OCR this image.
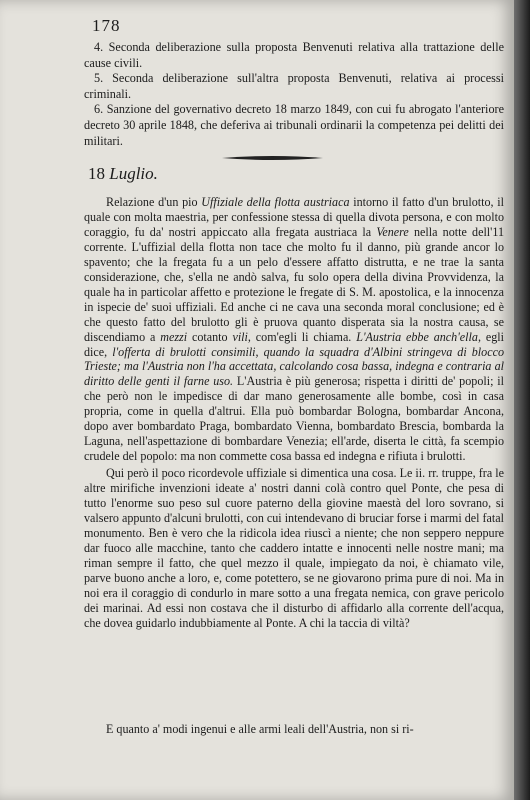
178

4. Seconda deliberazione sulla proposta Benvenuti relativa alla trattazione delle cause civili.

5. Seconda deliberazione sull'altra proposta Benvenuti, relativa ai processi criminali.

6. Sanzione del governativo decreto 18 marzo 1849, con cui fu abrogato l'anteriore decreto 30 aprile 1848, che deferiva ai tribunali ordinarii la competenza pei delitti dei militari.

18 Luglio.

Relazione d'un pio Uffiziale della flotta austriaca intorno il fatto d'un brulotto, il quale con molta maestria, per confessione stessa di quella divota persona, e con molto coraggio, fu da' nostri appiccato alla fregata austriaca la Venere nella notte dell'11 corrente. L'uffizial della flotta non tace che molto fu il danno, più grande ancor lo spavento; che la fregata fu a un pelo d'essere affatto distrutta, e ne trae la santa considerazione, che, s'ella ne andò salva, fu solo opera della divina Provvidenza, la quale ha in particolar affetto e protezione le fregate di S. M. apostolica, e la innocenza in ispecie de' suoi uffiziali. Ed anche ci ne cava una seconda moral conclusione; ed è che questo fatto del brulotto gli è pruova quanto disperata sia la nostra causa, se discendiamo a mezzi cotanto vili, com'egli li chiama. L'Austria ebbe anch'ella, egli dice, l'offerta di brulotti consimili, quando la squadra d'Albini stringeva di blocco Trieste; ma l'Austria non l'ha accettata, calcolando cosa bassa, indegna e contraria al diritto delle genti il farne uso. L'Austria è più generosa; rispetta i diritti de' popoli; il che però non le impedisce di dar mano generosamente alle bombe, così in casa propria, come in quella d'altrui. Ella può bombardar Bologna, bombardar Ancona, dopo aver bombardato Praga, bombardato Vienna, bombardato Brescia, bombarda la Laguna, nell'aspettazione di bombardare Venezia; ell'arde, diserta le città, fa scempio crudele del popolo: ma non commette cosa bassa ed indegna e rifiuta i brulotti.

Qui però il poco ricordevole uffiziale si dimentica una cosa. Le ii. rr. truppe, fra le altre mirifiche invenzioni ideate a' nostri danni colà contro quel Ponte, che pesa di tutto l'enorme suo peso sul cuore paterno della giovine maestà del loro sovrano, si valsero appunto d'alcuni brulotti, con cui intendevano di bruciar forse i marmi del fatal monumento. Ben è vero che la ridicola idea riuscì a niente; che non seppero neppure dar fuoco alle macchine, tanto che caddero intatte e innocenti nelle nostre mani; ma riman sempre il fatto, che quel mezzo il quale, impiegato da noi, è chiamato vile, parve buono anche a loro, e, come potettero, se ne giovarono prima pure di noi. Ma in noi era il coraggio di condurlo in mare sotto a una fregata nemica, con grave pericolo dei marinai. Ad essi non costava che il disturbo di affidarlo alla corrente dell'acqua, che dovea guidarlo indubbiamente al Ponte. A chi la taccia di viltà?

E quanto a' modi ingenui e alle armi leali dell'Austria, non si ri-
